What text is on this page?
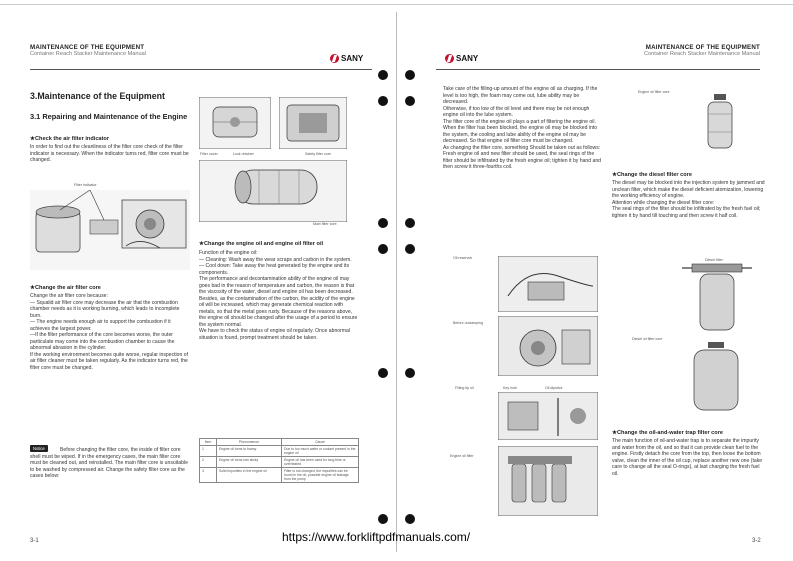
MAINTENANCE OF THE EQUIPMENT
Container Reach Stacker Maintenance Manual	SANY
3.Maintenance of the Equipment
3.1 Repairing and Maintenance of the Engine
★Check the air filter indicator
In order to find out the cleanliness of the filter core check of the filter indicator is necessary. When the indicator turns red, filter core must be changed.
Filter indicator
Filter cover	Lock retainer	Safety filter core
Main filter core
★Change the air filter core

Change the air filter core because:

— Squalid air filter core may decrease the air that the combustion chamber needs as it is working burning, which leads to incomplete burn.

— The engine needs enough air to support the combustion if it achieves the largest power.

—If the filter performance of the core becomes worse, the outer particulate may come into the combustion chamber to cause the abnormal abrasion in the cylinder.

If the working environment becomes quite worse, regular inspection of air filter cleaner must be taken regularly. As the indicator turns red, the filter core must be changed.

Notice	Before changing the filter core, the inside of filter core shell must be wiped. If in the emergency cases, the main filter core must be cleaned out, and reinstalled. The main filter core is unsuitable to be washed by compressed air. Change the safety filter core as the cases below:
★Change the engine oil and engine oil filter oil

Function of the engine oil:

— Cleaning: Wash away the wear scraps and carbon in the system.

— Cool down: Take away the heat generated by the engine and its components.

The performance and decontamination ability of the engine oil may goes bad in the reason of temperature and carbon, the reason is that the viscosity of the water, diesel and engine oil has been decreased. Besides, as the contamination of the carbon, the acidity of the engine oil will be increased, which may generate chemical reaction with metals, so that the metal goes rusty. Because of the reasons above, the engine oil should be changed after the usage of a period to ensure the system normal.

We have to check the status of engine oil regularly. Once abnormal situation is found, prompt treatment should be taken.

Item	Phenomenon	Cause
1	Engine oil turns to foamy	Due to too much water or coolant present in the engine oil
2	Engine oil turns into sticky	Engine oil has been used for long time or overheated
3	Solid impurities in the engine oil	Filter is not changed, the impurities can be found in the oil; possible engine oil leakage from the pump
3-1
SANY
MAINTENANCE OF THE EQUIPMENT
Container Reach Stacker Maintenance Manual

Take care of the filling-up amount of the engine oil as charging. If the level is too high, the foam may come out, lube ability may be decreased.

Otherwise, if too low of the oil level and there may be not enough engine oil into the lube system.

The filter core of the engine oil plays a part of filtering the engine oil. When the filter has been blocked, the engine oil may be blocked into the system, the cooling and lube ability of the engine oil may be decreased. So that engine oil filter core must be changed.

As changing the filter core, something Should be taken out as follows:

Fresh engine oil and new filter should be used, the seal rings of the filter should be infiltrated by the fresh engine oil; tighten it by hand and then screw it three-fourths coil.

Oil reservoir
Before unclamping
Filling tip oil	Key hole	Oil dipstick
Engine oil filter
Engine oil filter core
★Change the diesel filter core
The diesel may be blocked into the injection system by jammed and unclean filter, which make the diesel deficient atomization, lowering the working efficiency of engine.
Attention while changing the diesel filter core:
The seal rings of the filter should be infiltrated by the fresh fuel oil; tighten it by hand till touching and then screw it half coil.
Diesel filter
Diesel oil filter core
★Change the oil-and-water trap filter core
The main function of oil-and-water trap is to separate the impurity and water from the oil, and so that it can provide clean fuel to the engine. Firstly detach the core from the top, then loose the bottom valve, clean the inner of the oil cup, replace another new one (take care to change all the seal O-rings), at last charging the fresh fuel oil.
3-2
https://www.forkliftpdfmanuals.com/
